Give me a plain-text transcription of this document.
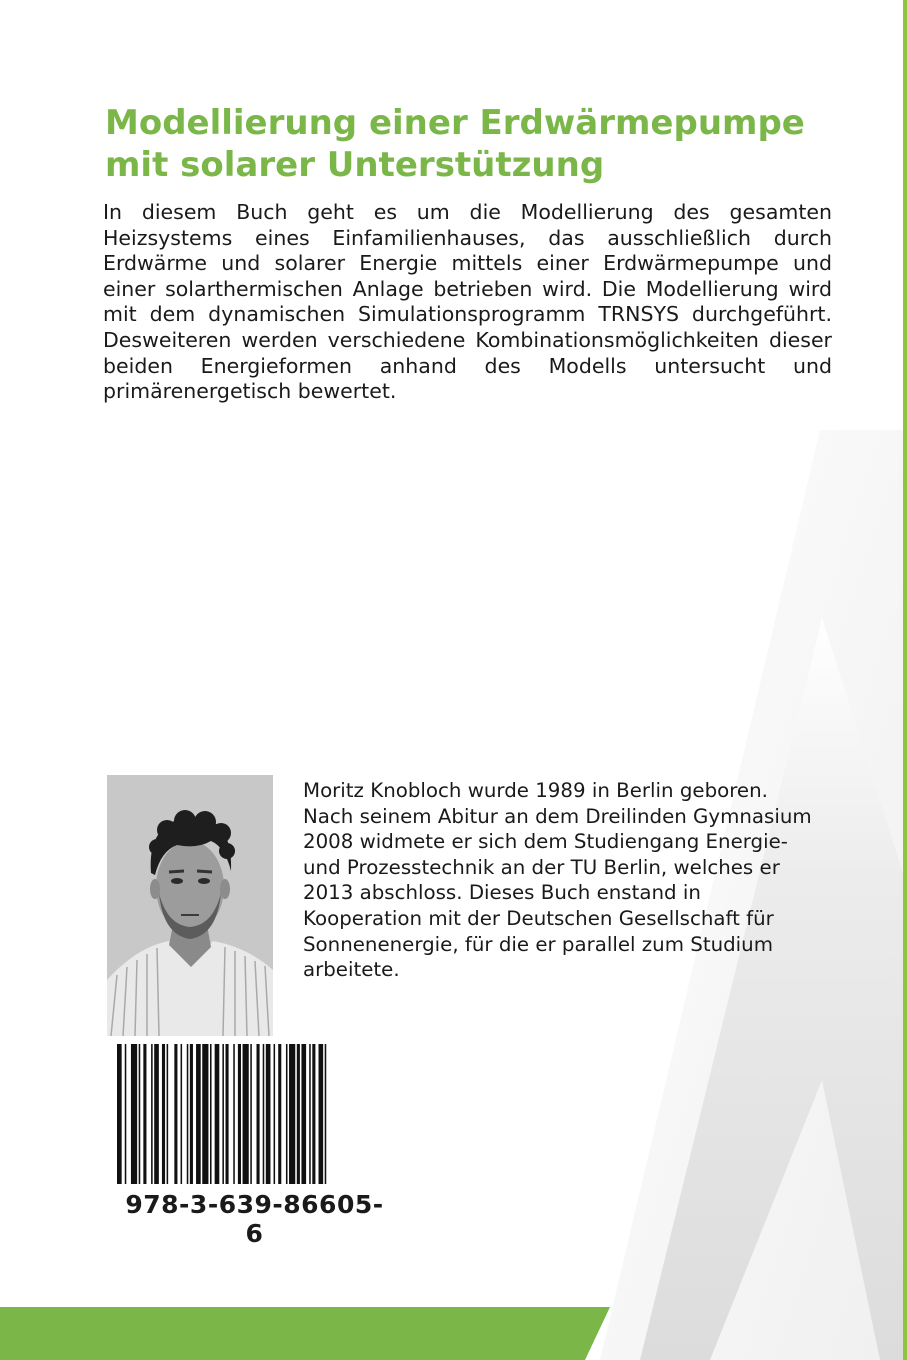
Modellierung einer Erdwärmepumpe
mit solarer Unterstützung

In diesem Buch geht es um die Modellierung des gesamten Heizsystems eines Einfamilienhauses, das ausschließlich durch Erdwärme und solarer Energie mittels einer Erdwärmepumpe und einer solarthermischen Anlage betrieben wird. Die Modellierung wird mit dem dynamischen Simulationsprogramm TRNSYS durchgeführt. Desweiteren werden verschiedene Kombinationsmöglichkeiten dieser beiden Energieformen anhand des Modells untersucht und primärenergetisch bewertet.

Moritz Knobloch wurde 1989 in Berlin geboren.
Nach seinem Abitur an dem Dreilinden Gymnasium
2008 widmete er sich dem Studiengang Energie-
und Prozesstechnik an der TU Berlin, welches er
2013 abschloss. Dieses Buch enstand in
Kooperation mit der Deutschen Gesellschaft für
Sonnenenergie, für die er parallel zum Studium
arbeitete.

978-3-639-86605-6
